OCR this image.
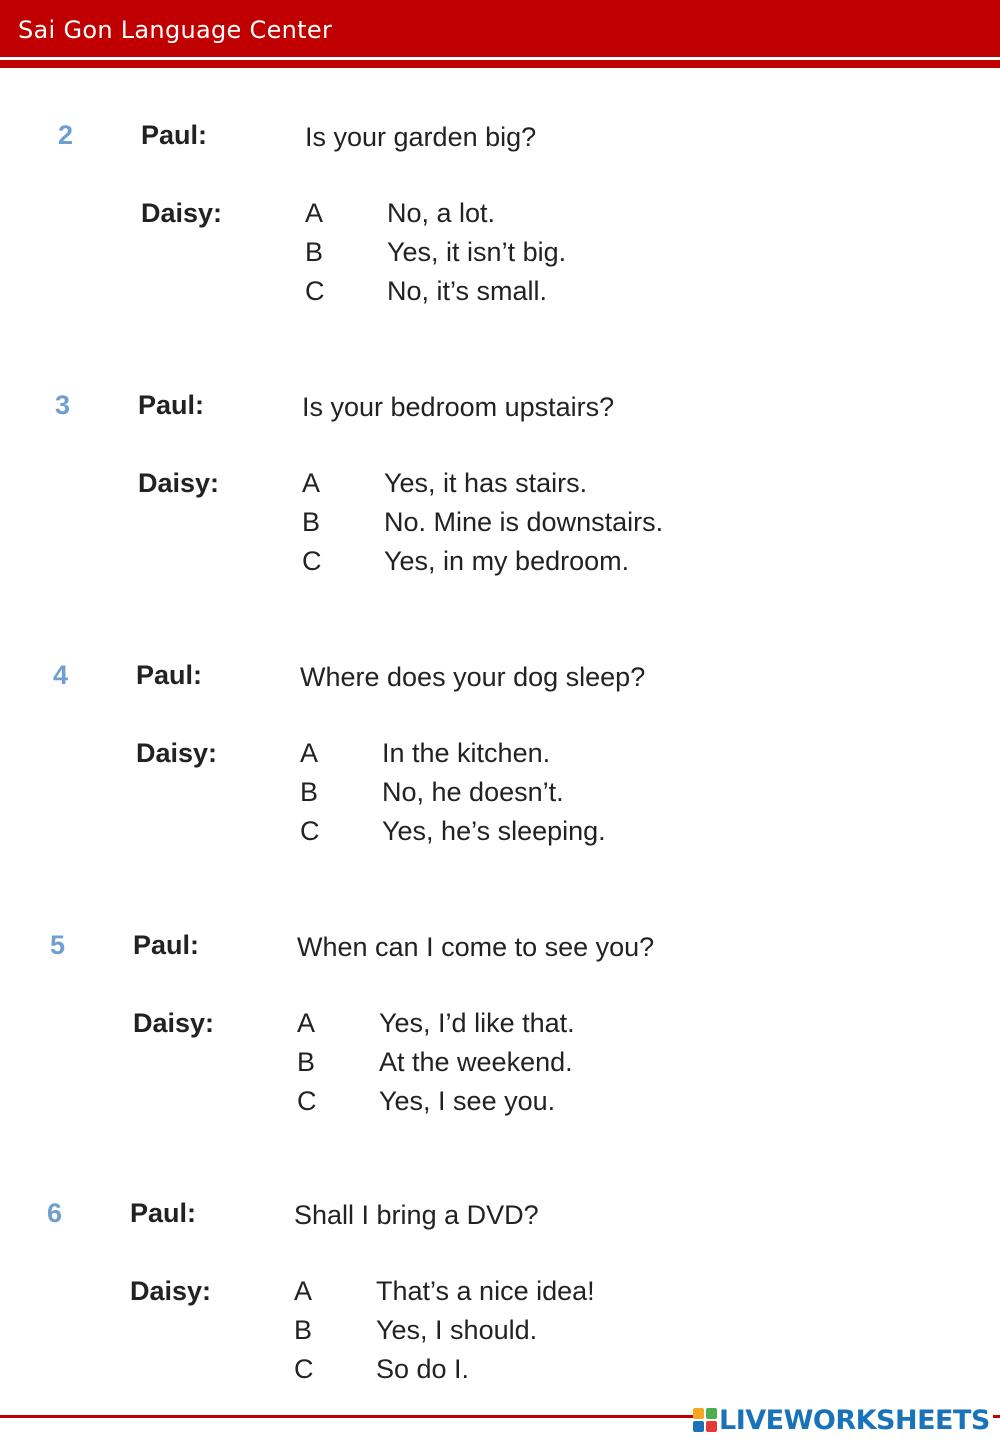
Sai Gon Language Center
2	Paul:	Is your garden big?
Daisy:	A No, a lot.
B Yes, it isn’t big.
C No, it’s small.
3	Paul:	Is your bedroom upstairs?
Daisy:	A Yes, it has stairs.
B No. Mine is downstairs.
C Yes, in my bedroom.
4	Paul:	Where does your dog sleep?
Daisy:	A In the kitchen.
B No, he doesn’t.
C Yes, he’s sleeping.
5	Paul:	When can I come to see you?
Daisy:	A Yes, I’d like that.
B At the weekend.
C Yes, I see you.
6	Paul:	Shall I bring a DVD?
Daisy:	A That’s a nice idea!
B Yes, I should.
C So do I.
LIVEWORKSHEETS
